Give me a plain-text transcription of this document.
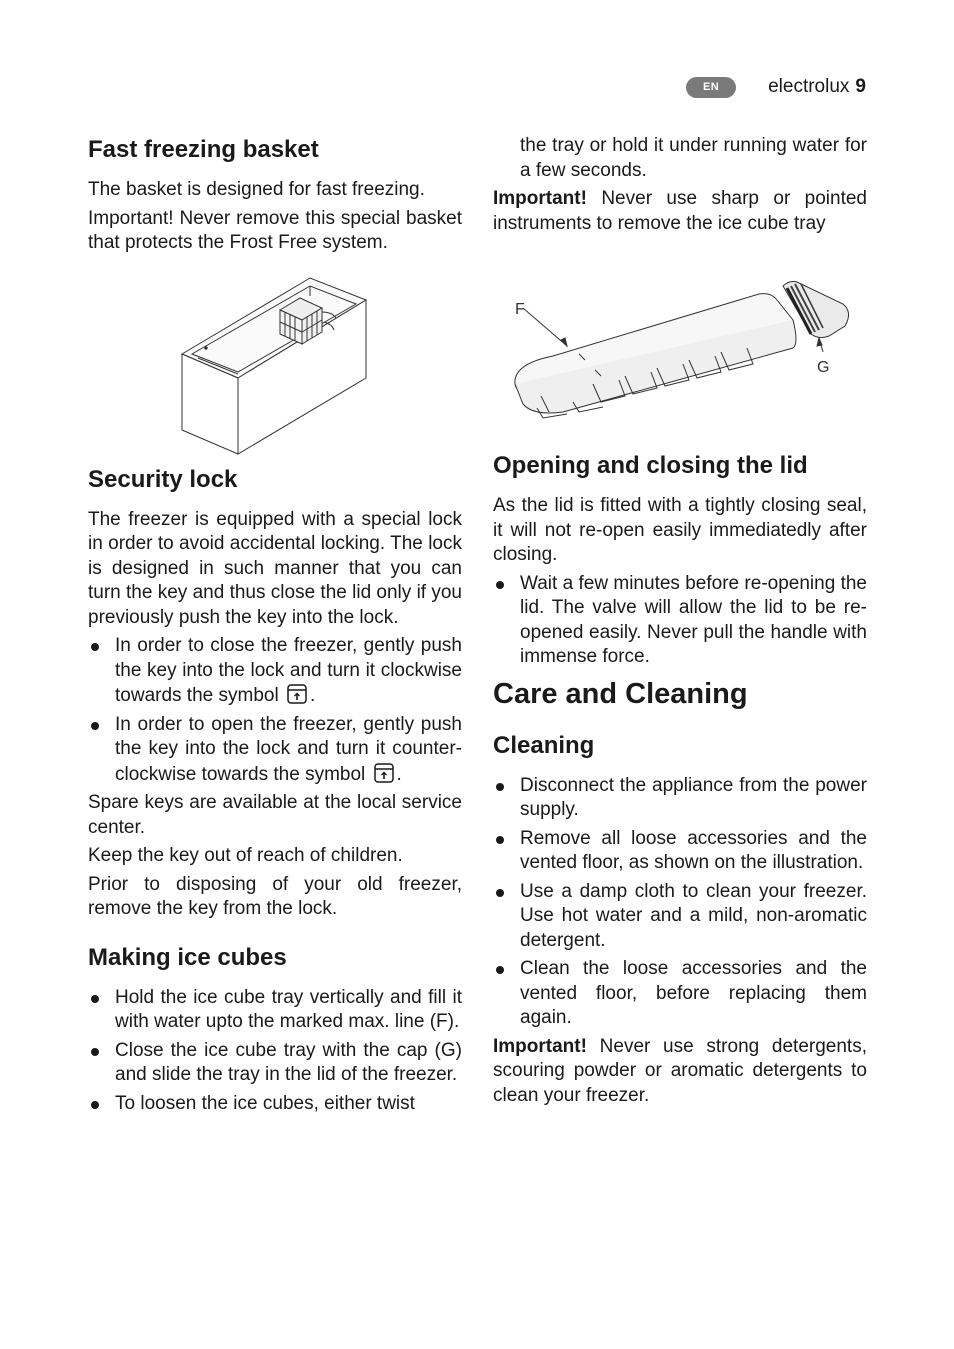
EN	electrolux 9
Fast freezing basket

The basket is designed for fast freezing.

Important! Never remove this special basket that protects the Frost Free system.

Security lock

The freezer is equipped with a special lock in order to avoid accidental locking. The lock is designed in such manner that you can turn the key and thus close the lid only if you previously push the key into the lock.

In order to close the freezer, gently push the key into the lock and turn it clockwise towards the symbol .
In order to open the freezer, gently push the key into the lock and turn it counter-clockwise towards the symbol .

Spare keys are available at the local service center.

Keep the key out of reach of children.

Prior to disposing of your old freezer, remove the key from the lock.

Making ice cubes
Hold the ice cube tray vertically and fill it with water upto the marked max. line (F).
Close the ice cube tray with the cap (G) and slide the tray in the lid of the freezer.
To loosen the ice cubes, either twist
the tray or hold it under running water for a few seconds.

Important! Never use sharp or pointed instruments to remove the ice cube tray

F
G
Opening and closing the lid

As the lid is fitted with a tightly closing seal, it will not re-open easily immediatedly after closing.

Wait a few minutes before re-opening the lid. The valve will allow the lid to be re-opened easily. Never pull the handle with immense force.
Care and Cleaning
Cleaning
Disconnect the appliance from the power supply.
Remove all loose accessories and the vented floor, as shown on the illustration.
Use a damp cloth to clean your freezer. Use hot water and a mild, non-aromatic detergent.
Clean the loose accessories and the vented floor, before replacing them again.

Important! Never use strong detergents, scouring powder or aromatic detergents to clean your freezer.
